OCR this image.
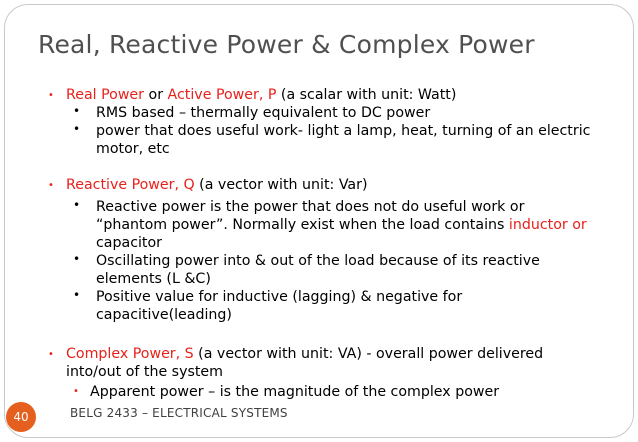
Real, Reactive Power & Complex Power
• Real Power or Active Power, P (a scalar with unit: Watt)
• RMS based – thermally equivalent to DC power
• power that does useful work- light a lamp, heat, turning of an electric
motor, etc
• Reactive Power, Q (a vector with unit: Var)
• Reactive power is the power that does not do useful work or
“phantom power”. Normally exist when the load contains inductor or
capacitor
• Oscillating power into & out of the load because of its reactive
elements (L &C)
• Positive value for inductive (lagging) & negative for
capacitive(leading)
• Complex Power, S (a vector with unit: VA) - overall power delivered
into/out of the system
• Apparent power – is the magnitude of the complex power
40	BELG 2433 – ELECTRICAL SYSTEMS
